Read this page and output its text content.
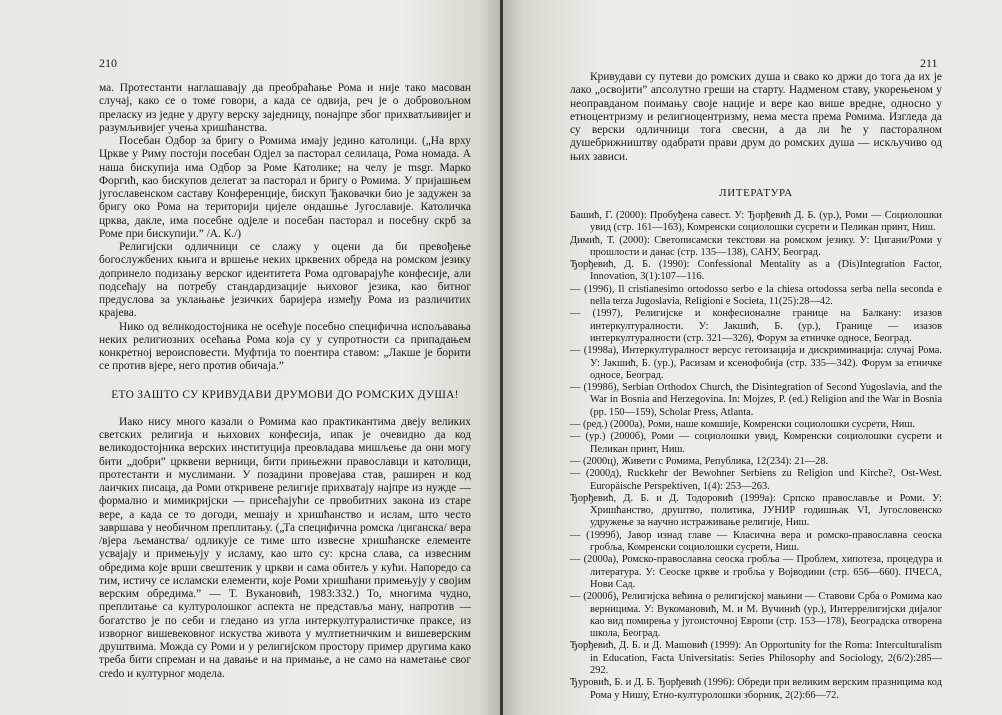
210

ма. Протестанти наглашавају да преобраћање Рома и није тако масован случај, како се о томе говори, а када се одвија, реч је о добровољном преласку из једне у другу верску заједницу, понајпре због прихватљивијег и разумљивијег учења хришћанства.

Посебан Одбор за бригу о Ромима имају једино католици. („На врху Цркве у Риму постоји посебан Одјел за пасторал селилаца, Рома номада. А наша бискупија има Одбор за Роме Католике; на челу је msgr. Марко Форгић, као бискупов делегат за пасторал и бригу о Ромима. У пријашњем југославенском саставу Конференције, бискуп Ђаковачки био је задужен за бригу око Рома на територији цијеле ондашње Југославије. Католичка црква, дакле, има посебне одјеле и посебан пасторал и посебну скрб за Роме при бискупији.” /А. К./)

Религијски одличници се слажу у оцени да би превођење богослужбених књига и вршење неких црквених обреда на ромском језику допринело подизању верског идентитета Рома одговарајуће конфесије, али подсећају на потребу стандардизације њиховог језика, као битног предуслова за уклањање језичких баријера између Рома из различитих крајева.

Нико од великодостојника не осећује посебно специфична испољавања неких религиозних осећања Рома која су у супротности са припадањем конкретној вероисповести. Муфтија то поентира ставом: „Лакше је борити се против вјере, него против обичаја.”

ЕТО ЗАШТО СУ КРИВУДАВИ ДРУМОВИ ДО РОМСКИХ ДУША!

Иако нису много казали о Ромима као практикантима двеју великих светских религија и њихових конфесија, ипак је очевидно да код великодостојника верских институција преовладава мишљење да они могу бити „добри” црквени верници, бити прињежни православци и католици, протестанти и муслимани. У позадини провејава став, раширен и код лаичких писаца, да Роми откривене религије прихватају најпре из нужде — формално и мимикријски — присећајући се првобитних закона из старе вере, а када се то догоди, мешају и хришћанство и ислам, што често завршава у необичном преплитању. („Та специфична ромска /циганска/ вера /вјера љеманства/ одликује се тиме што извесне хришћанске елементе усвајају и примењују у исламу, као што су: крсна слава, са извесним обредима које врши свештеник у цркви и сама обитељ у кући. Напоредо са тим, истичу се исламски елементи, које Роми хришћани примењују у својим верским обредима.” — Т. Вукановић, 1983:332.) То, многима чудно, преплитање са културолошког аспекта не представља ману, напротив — богатство је по себи и гледано из угла интеркултуралистичке праксе, из изворног вишевековног искуства живота у мултиетничким и вишеверским друштвима. Можда су Роми и у религијском простору пример другима како треба бити спреман и на давање и на примање, а не само на наметање свог credo и културног модела.

211

Кривудави су путеви до ромских душа и свако ко држи до тога да их је лако „освојити” апсолутно греши на старту. Надменом ставу, укорењеном у неоправданом поимању своје нације и вере као више вредне, односно у етноцентризму и религиоцентризму, нема места према Ромима. Изгледа да су верски одличници тога свесни, а да ли ће у пасторалном душебрижништву одабрати прави друм до ромских душа — искључиво од њих зависи.

ЛИТЕРАТУРА

Башић, Г. (2000): Пробуђена савест. У: Ђорђевић Д. Б. (ур.), Роми — Социолошки увид (стр. 161—163), Комренски социолошки сусрети и Пеликан принт, Ниш.

Димић, Т. (2000): Светописамски текстови на ромском језику. У: Цигани/Роми у прошлости и данас (стр. 135—138), САНУ, Београд.

Ђорђевић, Д. Б. (1990): Confessional Mentality as a (Dis)Integration Factor, Innovation, 3(1):107—116.

— (1996), Il cristianesimo ortodosso serbo e la chiesa ortodossa serba nella seconda e nella terza Jugoslavia, Religioni e Societa, 11(25):28—42.

— (1997), Религијске и конфесионалне границе на Балкану: изазов интеркултуралности. У: Јакшић, Б. (ур.), Границе — изазов интеркултуралности (стр. 321—326), Форум за етничке односе, Београд.

— (1998а), Интеркултуралност версус гетоизација и дискриминација: случај Рома. У: Јакшић, Б. (ур.), Расизам и ксенофобија (стр. 335—342). Форум за етничке односе, Београд.

— (1998б), Serbian Orthodox Church, the Disintegration of Second Yugoslavia, and the War in Bosnia and Herzegovina. In: Mojzes, P. (ed.) Religion and the War in Bosnia (pp. 150—159), Scholar Press, Atlanta.

— (ред.) (2000а), Роми, наше комшије, Комренски социолошки сусрети, Ниш.

— (ур.) (2000б), Роми — социолошки увид, Комренски социолошки сусрети и Пеликан принт, Ниш.

— (2000ц), Живети с Ромима, Република, 12(234): 21—28.

— (2000д), Ruckkehr der Bewohner Serbiens zu Religion und Kirche?, Ost-West. Europäische Perspektiven, 1(4): 253—263.

Ђорђевић, Д. Б. и Д. Тодоровић (1999а): Српско православље и Роми. У: Хришћанство, друштво, политика, ЈУНИР годишњак VI, Југословенско удружење за научно истраживање религије, Ниш.

— (1999б), Јавор изнад главе — Класична вера и ромско-православна сеоска гробља, Комренски социолошки сусрети, Ниш.

— (2000а), Ромско-православна сеоска гробља — Проблем, хипотеза, процедура и литература. У: Сеоске цркве и гробља у Војводини (стр. 656—660). ПЧЕСА, Нови Сад.

— (2000б), Религијска већина о религијској мањини — Ставови Срба о Ромима као верницима. У: Вукомановић, М. и М. Вучинић (ур.), Интеррелигијски дијалог као вид помирења у југоисточној Европи (стр. 153—178), Београдска отворена школа, Београд.

Ђорђевић, Д. Б. и Д. Машовић (1999): An Opportunity for the Roma: Interculturalism in Education, Facta Universitatis: Series Philosophy and Sociology, 2(6/2):285—292.

Ђуровић, Б. и Д. Б. Ђорђевић (1996): Обреди при великим верским празницима код Рома у Нишу, Етно-културолошки зборник, 2(2):66—72.
